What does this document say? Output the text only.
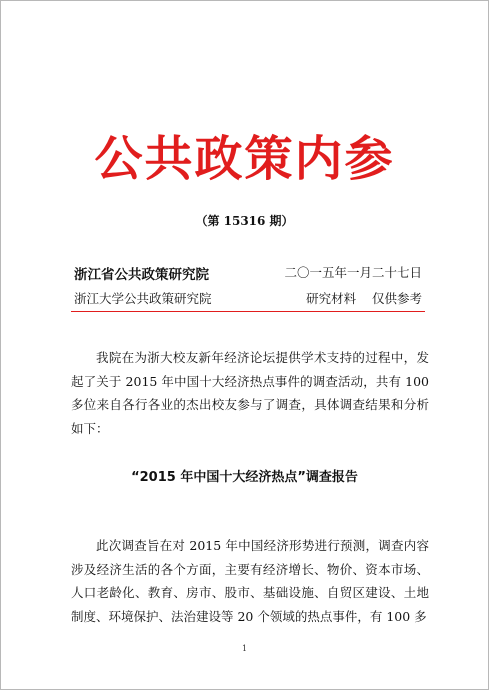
公共政策内参
（第 15316 期）
浙江省公共政策研究院	二〇一五年一月二十七日
浙江大学公共政策研究院	研究材料    仅供参考

我院在为浙大校友新年经济论坛提供学术支持的过程中，发起了关于 2015 年中国十大经济热点事件的调查活动，共有 100 多位来自各行各业的杰出校友参与了调查，具体调查结果和分析如下：

“2015 年中国十大经济热点”调查报告

此次调查旨在对 2015 年中国经济形势进行预测，调查内容涉及经济生活的各个方面，主要有经济增长、物价、资本市场、人口老龄化、教育、房市、股市、基础设施、自贸区建设、土地制度、环境保护、法治建设等 20 个领域的热点事件，有 100 多

1
